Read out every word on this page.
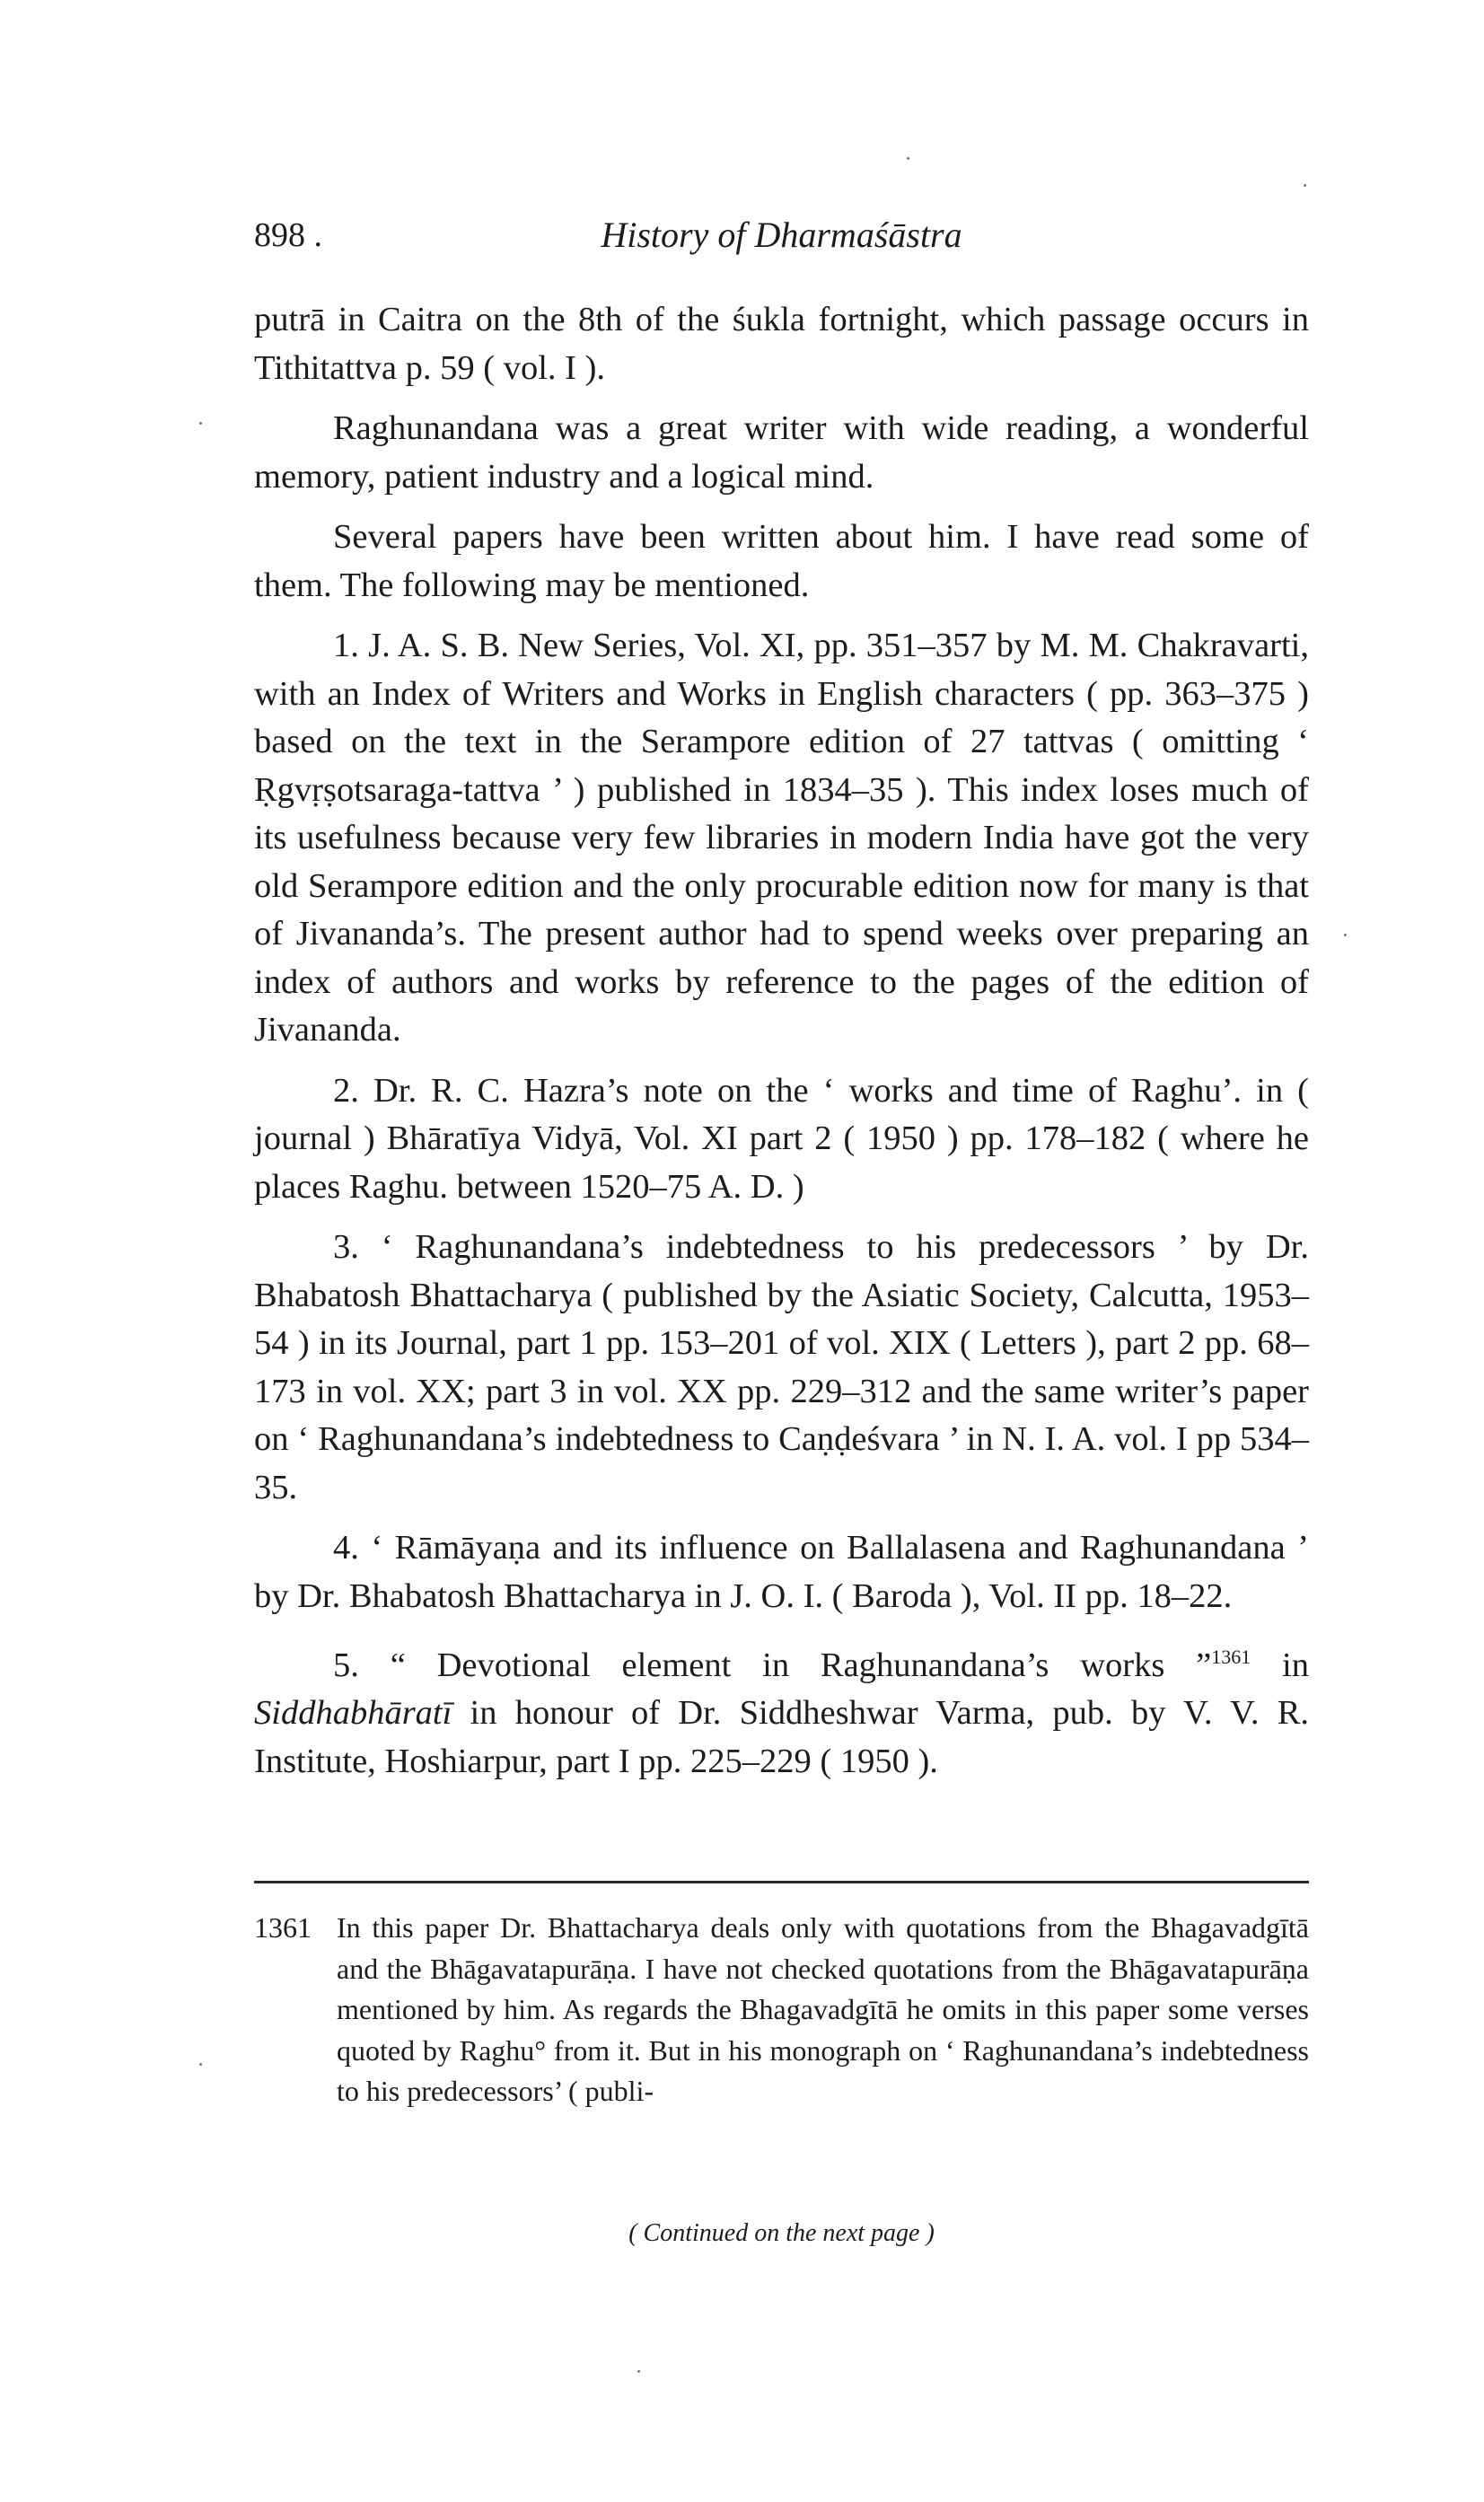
898 .	History of Dharmaśāstra

putrā in Caitra on the 8th of the śukla fortnight, which passage occurs in Tithitattva p. 59 ( vol. I ).

Raghunandana was a great writer with wide reading, a wonderful memory, patient industry and a logical mind.

Several papers have been written about him. I have read some of them. The following may be mentioned.

1. J. A. S. B. New Series, Vol. XI, pp. 351–357 by M. M. Chakravarti, with an Index of Writers and Works in English characters ( pp. 363–375 ) based on the text in the Serampore edition of 27 tattvas ( omitting ‘ Ṛgvṛṣotsaraga-tattva ’ ) published in 1834–35 ). This index loses much of its usefulness because very few libraries in modern India have got the very old Serampore edition and the only procurable edition now for many is that of Jivananda’s. The present author had to spend weeks over preparing an index of authors and works by reference to the pages of the edition of Jivananda.

2. Dr. R. C. Hazra’s note on the ‘ works and time of Raghu’. in ( journal ) Bhāratīya Vidyā, Vol. XI part 2 ( 1950 ) pp. 178–182 ( where he places Raghu. between 1520–75 A. D. )

3. ‘ Raghunandana’s indebtedness to his predecessors ’ by Dr. Bhabatosh Bhattacharya ( published by the Asiatic Society, Calcutta, 1953–54 ) in its Journal, part 1 pp. 153–201 of vol. XIX ( Letters ), part 2 pp. 68–173 in vol. XX; part 3 in vol. XX pp. 229–312 and the same writer’s paper on ‘ Raghunandana’s indebtedness to Caṇḍeśvara ’ in N. I. A. vol. I pp 534–35.

4. ‘ Rāmāyaṇa and its influence on Ballalasena and Raghunandana ’ by Dr. Bhabatosh Bhattacharya in J. O. I. ( Baroda ), Vol. II pp. 18–22.

5. “ Devotional element in Raghunandana’s works ”$^{1361}$ in Siddhabhāratī in honour of Dr. Siddheshwar Varma, pub. by V. V. R. Institute, Hoshiarpur, part I pp. 225–229 ( 1950 ).

1361 In this paper Dr. Bhattacharya deals only with quotations from the Bhagavadgītā and the Bhāgavatapurāṇa. I have not checked quotations from the Bhāgavatapurāṇa mentioned by him. As regards the Bhagavadgītā he omits in this paper some verses quoted by Raghu° from it. But in his monograph on ‘ Raghunandana’s indebtedness to his predecessors’ ( publi-
( Continued on the next page )
